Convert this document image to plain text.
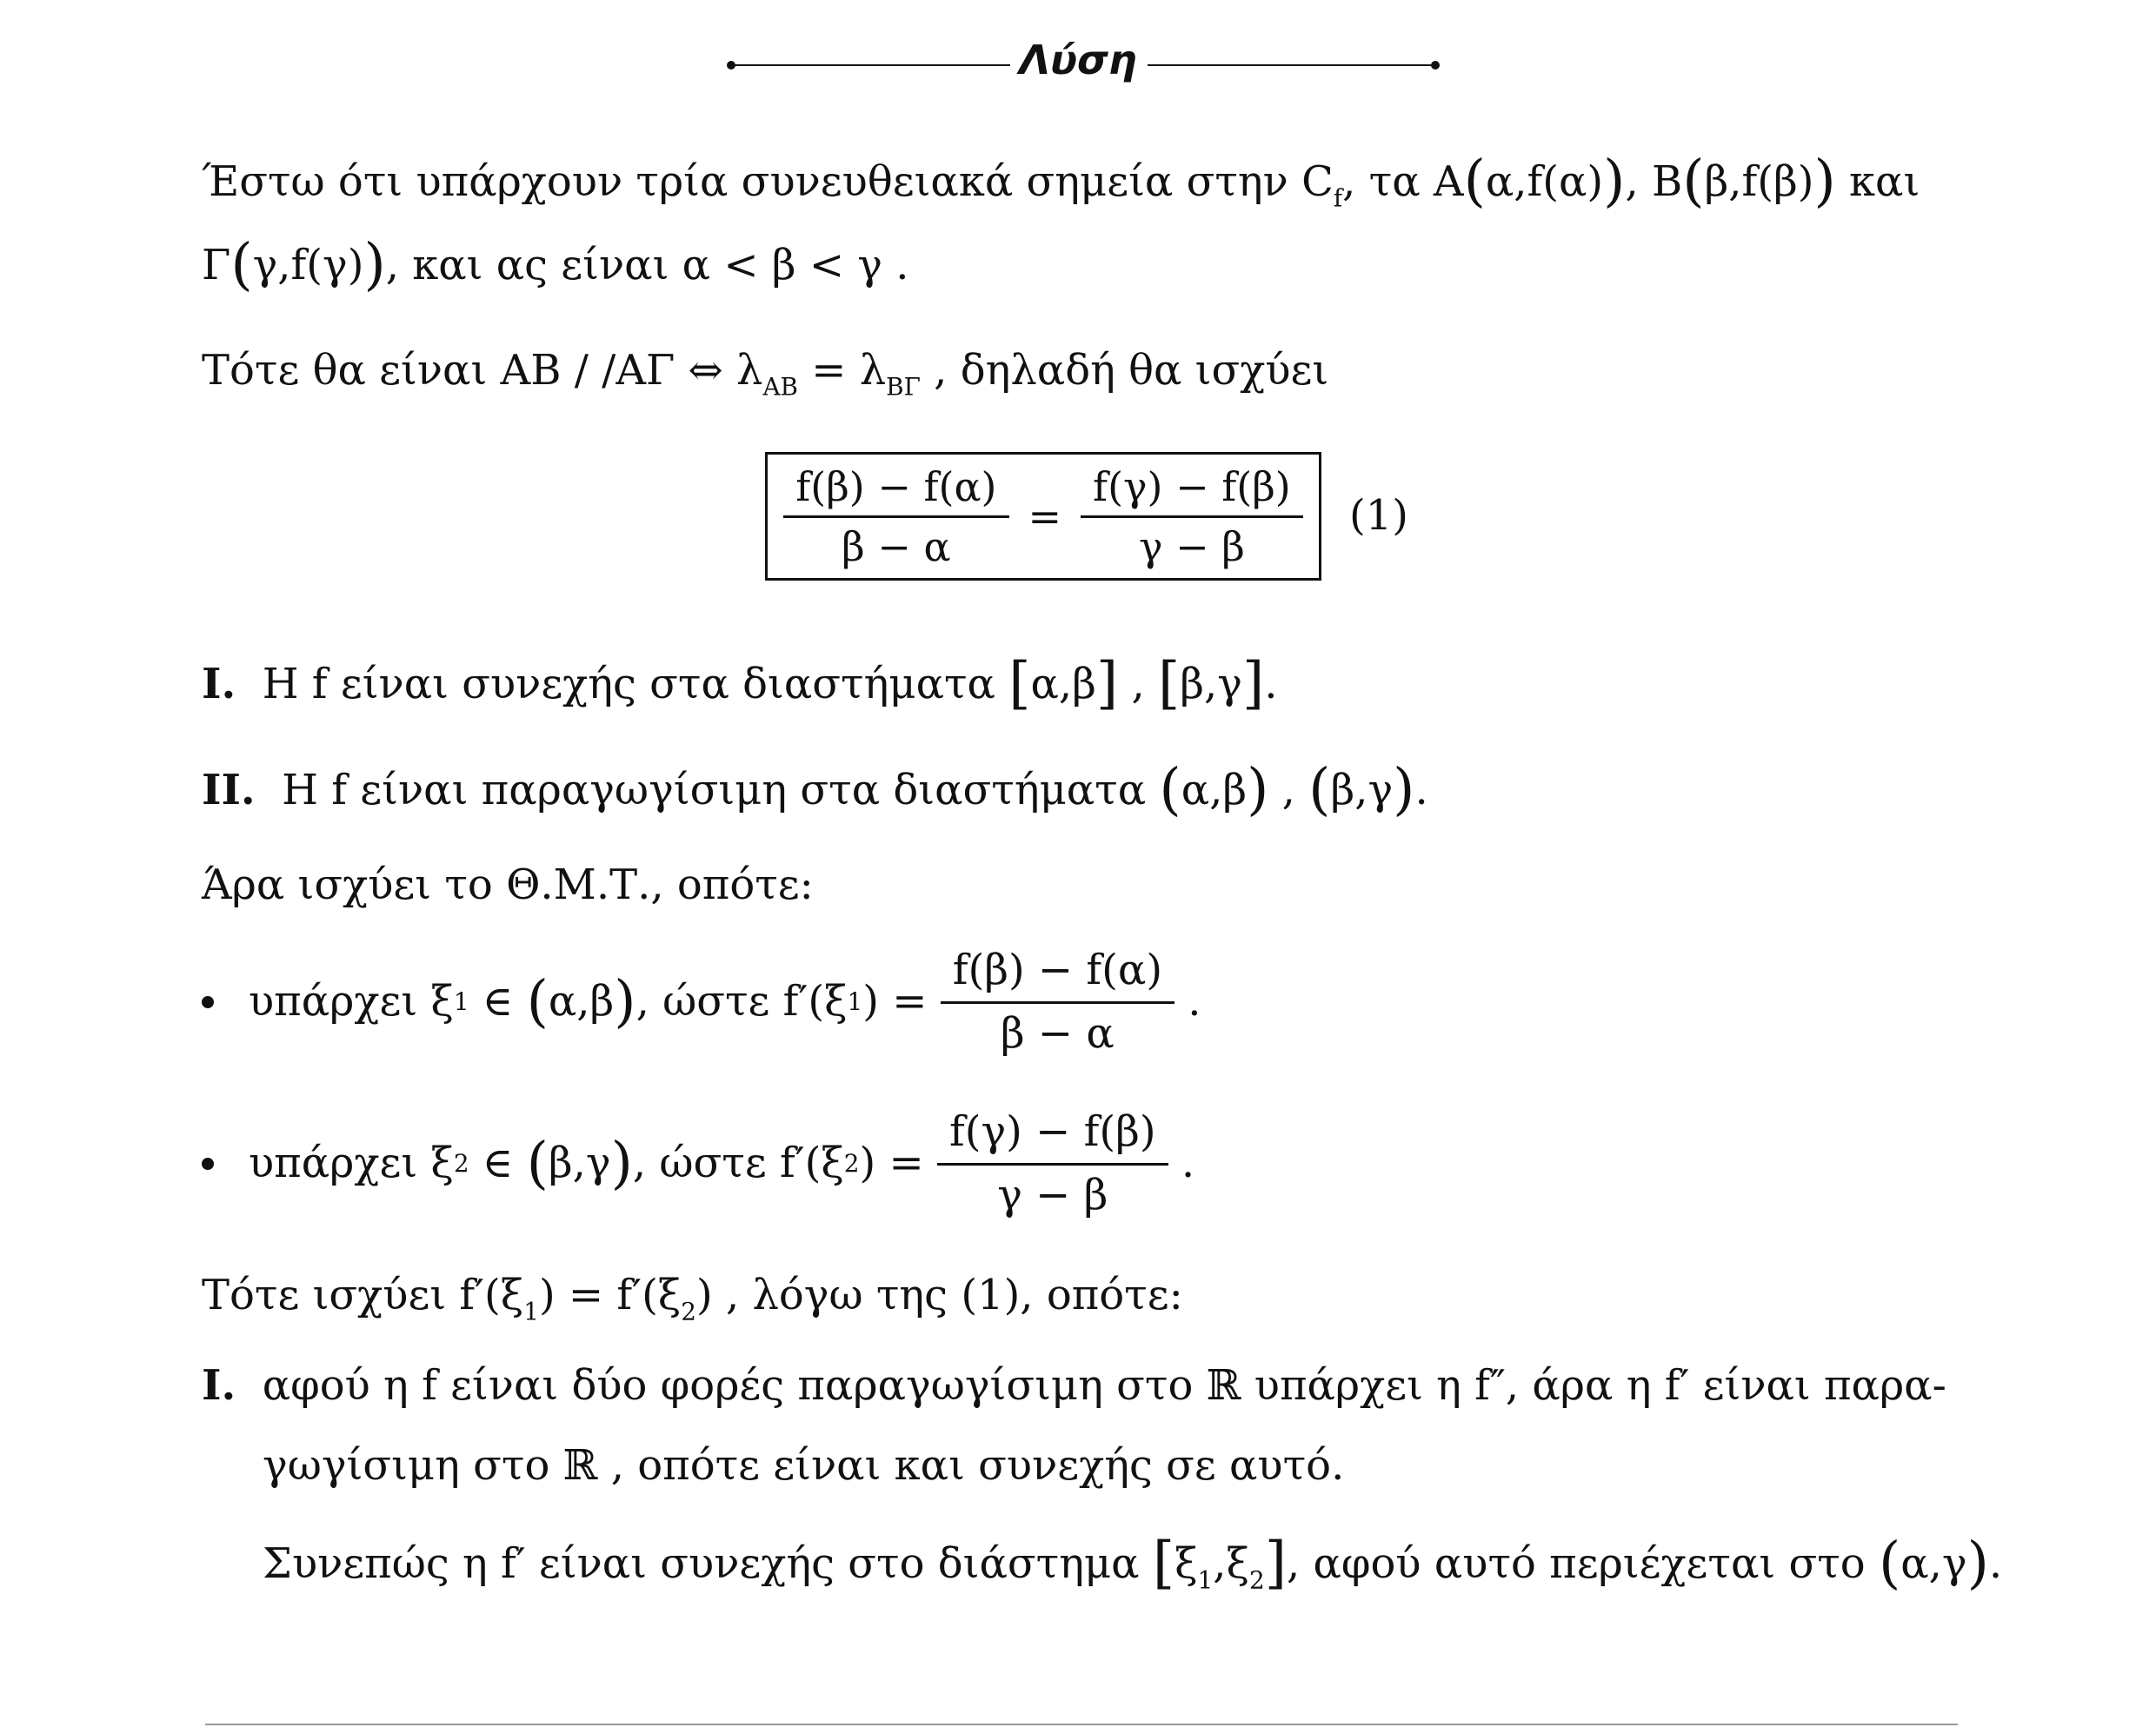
Λύση
Έστω ότι υπάρχουν τρία συνευθειακά σημεία στην $C_f$, τα A(α,f(α)), B(β,f(β)) και
Γ(γ,f(γ)), και ας είναι α < β < γ .
Τότε θα είναι AB / /AΓ ⇔ $\lambda_{AB} = \lambda_{B\Gamma}$ , δηλαδή θα ισχύει
$\frac{f(\beta) - f(\alpha)}{\beta - \alpha} = \frac{f(\gamma) - f(\beta)}{\gamma - \beta} (1)$
I. Η f είναι συνεχής στα διαστήματα [α,β] , [β,γ].
II. Η f είναι παραγωγίσιμη στα διαστήματα (α,β) , (β,γ).
Άρα ισχύει το Θ.Μ.Τ., οπότε:
υπάρχει ξ 1 ∈ ( α,β ) , ώστε f′(ξ 1 ) = $\frac{f(\beta) - f(\alpha)}{\beta - \alpha}$ .
υπάρχει ξ 2 ∈ ( β,γ ) , ώστε f′(ξ 2 ) = $\frac{f(\gamma) - f(\beta)}{\gamma - \beta}$ .
Τότε ισχύει $f'(\xi_1) = f'(\xi_2)$ , λόγω της (1), οπότε:
I. αφού η f είναι δύο φορές παραγωγίσιμη στο ℝ υπάρχει η f″, άρα η f′ είναι παρα-
γωγίσιμη στο ℝ , οπότε είναι και συνεχής σε αυτό.
Συνεπώς η f′ είναι συνεχής στο διάστημα $[\xi_1,\xi_2]$, αφού αυτό περιέχεται στο (α,γ).
